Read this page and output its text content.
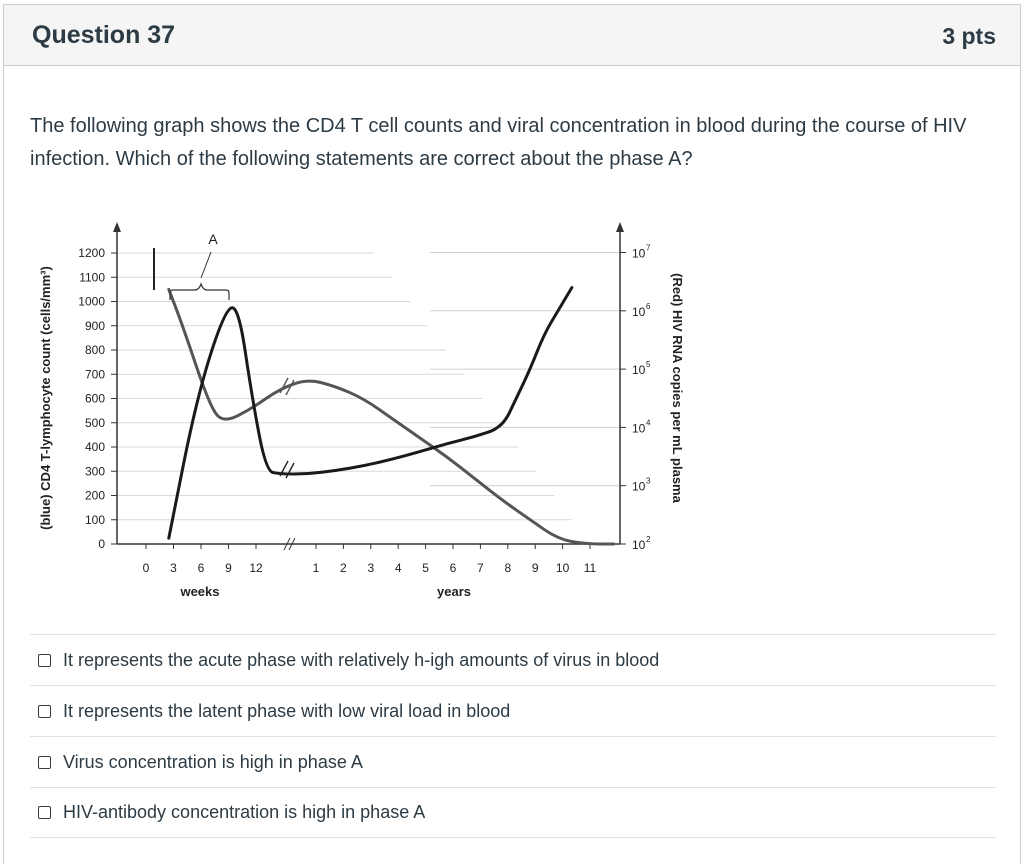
Question 37	3 pts
The following graph shows the CD4 T cell counts and viral concentration in blood during the course of HIV infection. Which of the following statements are correct about the phase A?
0
100
200
300
400
500
600
700
800
900
1000
1100
1200
10 2
10 3
10 4
10 5
10 6
10 7
0 3 6 9 12	1 2 3 4 5 6 7 8 9 10 11
weeks	years
(blue) CD4 T-lymphocyte count (cells/mm³)	(Red) HIV RNA copies per mL plasma
A
It represents the acute phase with relatively h-igh amounts of virus in blood
It represents the latent phase with low viral load in blood
Virus concentration is high in phase A
HIV-antibody concentration is high in phase A
